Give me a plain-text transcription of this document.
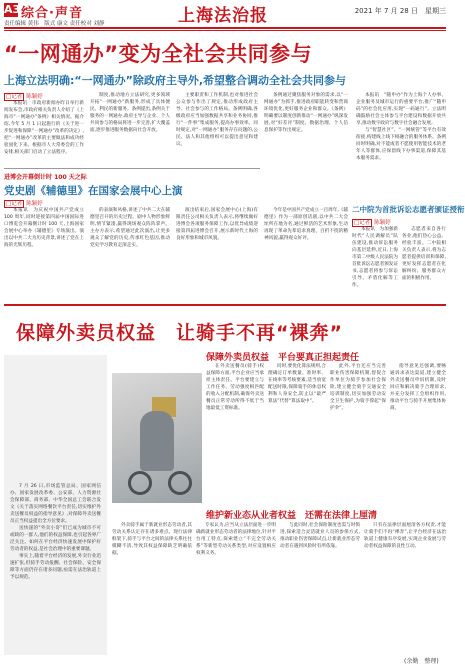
A3 综合·声音
责任编辑 黄伟　版式 康文 责任校对 刘静	上海法治报	2021 年 7 月 28 日　星期三
“一网通办”变为全社会共同参与
上海立法明确:“一网通办”除政府主导外,希望整合调动全社会共同参与
□记者 陈颖婷

本报讯　市政府新闻办昨日举行新闻发布会,市政府相关负责人介绍了《上海市“一网通办”条例》相关情况。据介绍,今年 5 月 1 日起施行的《关于进一步促进和保障“一网通办”改革的决定》,把“一网通办”改革的主要做法和成功经验固化下来。根据市人大常委会的工作安排,相关部门启动了立法程序。

制度,推动地方立法研究,更多领域开拓“一网通办”新服务,形成了具体便民、利民的新服务。条例提出,条例关于服务的一网通办,政府主导与企业、个人共同参与的格局将进一步完善,扩大覆盖面,逐步推进服务数据向社会开放。

主要职责和工作机制,也对推进社会公众参与作出了规定,推动形成政府主导、社会参与的工作格局。条例明确,各级政府应当加强数据共享和业务协同,推行“一件事”集成服务,提高办事效率。同时规定,对“一网通办”服务存在问题的,公民、法人和其他组织可以提出意见和建议。

条例通过聚焦服务对象的需求,以“一网通办”为抓手,推进政府职能转变和营商环境优化,更好服务企业和群众。《条例》明确要以制度创新推动“一网通办”纵深发展,对“好差评”制度、数据治理、个人信息保护等作出规定。

本报讯　“随申办”作为上海个人办事、企业服务及城市运行的重要平台,推广“随申码”的社会化应用,实现“一码通行”。立法明确鼓励社会主体参与平台建设和数据开放共享,推动数字政府与数字社会融合发展。

与“智慧社区”、“一网统管”等平台有效衔接,构建线上线下相融合的服务体系。条例同时明确,对不能或者不愿使用智能技术的老年人等群体,应保留线下办事渠道,保障其基本服务需求。

进博会开幕倒计时 100 天之际
党史剧《辅德里》在国家会展中心上演
□记者 陈颖婷

本报讯　为庆祝中国共产党成立 100 周年,同时迎接第四届中国国际进口博览会开幕倒计时 100 天,上海国家会展中心举办《辅德里》专场演出。演出以中共二大为历史背景,讲述了党在上海的光辉历程。

的表演和风格,讲述了中共二大在辅德里召开的历史过程。剧中人物形象鲜明,情节紧凑,赢得现场观众阵阵掌声。主办方表示,希望通过此次演出,让更多观众了解党的历史,传承红色基因,推动党史学习教育走深走实。

演出结束后,国家会展中心(上海)有限责任公司相关负责人表示,将继续做好进博会各项服务保障工作,以优异成绩迎接第四届进博会召开,展示新时代上海的良好形象和城市风貌。

今年是中国共产党成立一百周年,《辅德里》作为一部原创话剧,以中共二大会址所在地为名,通过鲜活的艺术形象,生动再现了革命先辈追求真理、百折不挠的精神风貌,赢得观众好评。

二中院为首批诉讼志愿者颁证授衔
□记者 陈颖婷

本报讯　为加强新时代“人民调解员”队伍建设,推动诉讼服务向基层延伸,近日,上海市第二中级人民法院为首批诉讼志愿者颁发证书,志愿者将参与诉讼引导、矛盾化解等工作。

志愿者来自各行各业,他们热心公益、经验丰富。二中院相关负责人表示,将为志愿者提供培训和保障,更好发挥志愿者在化解纠纷、服务群众方面的积极作用。

保障外卖员权益　让骑手不再“裸奔”

7 月 26 日,市场监管总局、国家网信办、国家发展改革委、公安部、人力资源社会保障部、商务部、中华全国总工会联合发文《关于落实网络餐饮平台责任,切实维护外卖送餐员权益的指导意见》,对保障外卖送餐员正当权益提出全方位要求。

送快递的“外卖小哥”们已成为城市不可或缺的一群人,他们的权益保障,也引起各界广泛关注。如何在平台经济快速发展中保护好劳动者的权益,是社会治理中的重要课题。

事实上,随着平台经济的发展,外卖行业迅速扩张,但骑手劳动报酬、社会保险、安全保障等方面仍存在诸多问题,亟需在法治轨道上予以规范。

保障外卖员权益　平台要真正担起责任

在外卖送餐员(骑手)权益保障方面,平台企业应当承担主体责任。平台要建立与工作任务、劳动强度相匹配的收入分配机制,确保外卖送餐员正常劳动所得不低于当地最低工资标准。

同时,要优化算法规则,合理确定订单数量、准时率、在线率等考核要素,适当放宽配送时限,保障骑手的休息权利和人身安全,防止以“最严算法”代替“算法取中”。

此外,平台还应当完善职业伤害保障机制,督促合作单位为骑手参加社会保险,建立健全骑手交通安全培训制度,切实加强劳动安全卫生保护,为骑手撑起“保护伞”。

指导意见还强调,要畅通诉求表达渠道,建立健全外卖送餐员申诉机制,及时回应和解决骑手合理诉求,并充分发挥工会组织作用,推动平台与骑手开展集体协商。

维护新业态从业者权益　还需在法律上厘清

外卖骑手属于新就业形态劳动者,其劳动关系认定存在诸多难点。现行法律框架下,骑手与平台之间的法律关系往往模糊不清,导致其权益保障缺乏明确依据。

专家认为,应当从立法层面进一步明确新就业形态劳动者的法律地位,针对平台用工特点,探索建立“不完全劳动关系”等新型劳动关系类型,对应设置相应权利义务。

与此同时,社会保险制度也需与时俱进,探索适合灵活就业人员的参保方式,推动职业伤害保障试点,让新就业形态劳动者在遇到风险时有所依靠。

只有在法律层面厘清各方权责,才能让骑手们不再“裸奔”,让平台经济在法治轨道上健康有序发展,实现企业发展与劳动者权益保障的良性互动。

(余勤　整理)
